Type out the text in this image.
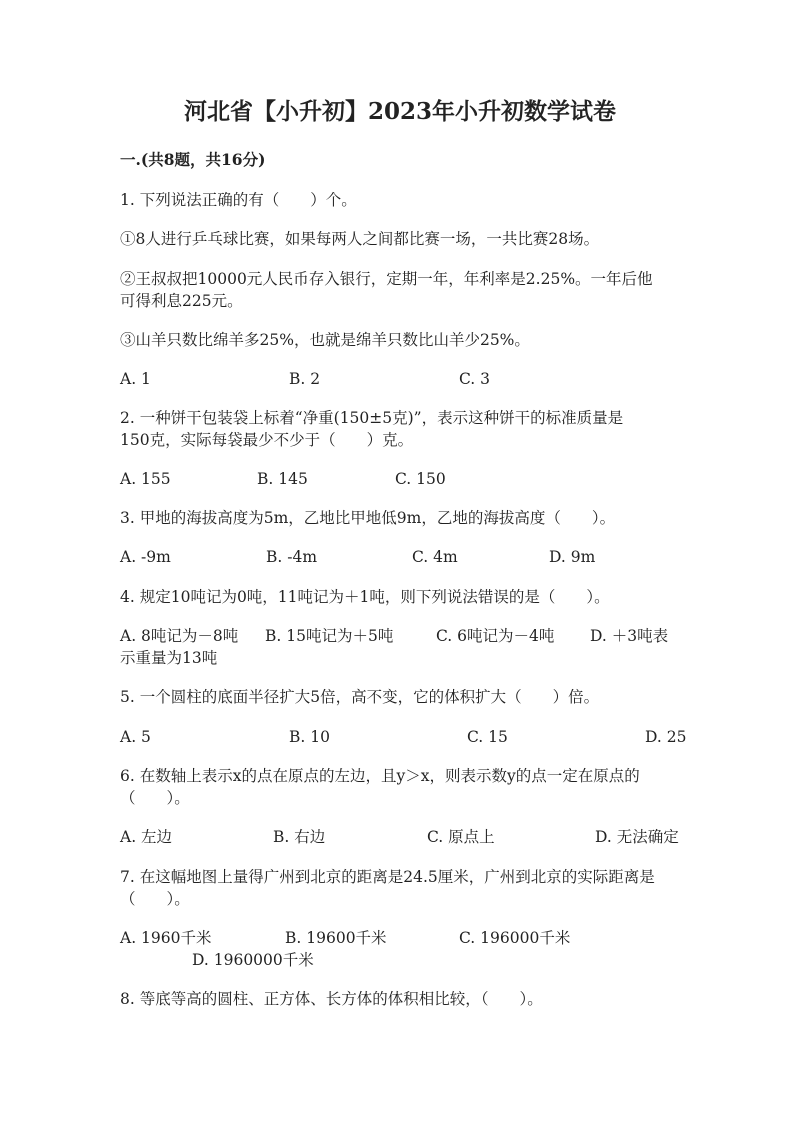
河北省【小升初】2023年小升初数学试卷
一.(共8题，共16分)
1. 下列说法正确的有（　　）个。
①8人进行乒乓球比赛，如果每两人之间都比赛一场，一共比赛28场。
②王叔叔把10000元人民币存入银行，定期一年，年利率是2.25%。一年后他
可得利息225元。
③山羊只数比绵羊多25%，也就是绵羊只数比山羊少25%。
A. 1	B. 2	C. 3
2. 一种饼干包装袋上标着“净重(150±5克)”，表示这种饼干的标准质量是
150克，实际每袋最少不少于（　　）克。
A. 155	B. 145	C. 150
3. 甲地的海拔高度为5m，乙地比甲地低9m，乙地的海拔高度（　　）。
A. -9m	B. -4m	C. 4m	D. 9m
4. 规定10吨记为0吨，11吨记为＋1吨，则下列说法错误的是（　　）。
A. 8吨记为－8吨 B. 15吨记为＋5吨	C. 6吨记为－4吨 D. ＋3吨表
示重量为13吨
5. 一个圆柱的底面半径扩大5倍，高不变，它的体积扩大（　　）倍。
A. 5	B. 10	C. 15	D. 25
6. 在数轴上表示x的点在原点的左边，且y＞x，则表示数y的点一定在原点的
（　　）。
A. 左边	B. 右边	C. 原点上	D. 无法确定
7. 在这幅地图上量得广州到北京的距离是24.5厘米，广州到北京的实际距离是
（　　）。
A. 1960千米	B. 19600千米	C. 196000千米
D. 1960000千米
8. 等底等高的圆柱、正方体、长方体的体积相比较，（　　）。
